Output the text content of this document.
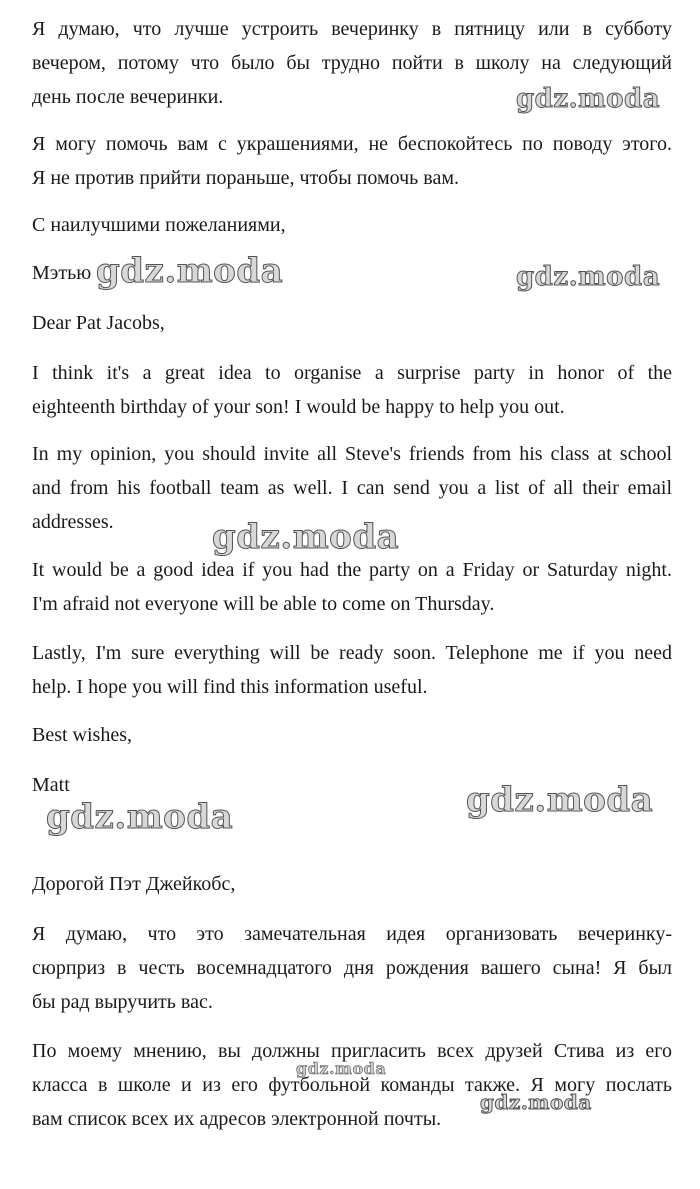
Я думаю, что лучше устроить вечеринку в пятницу или в субботу
вечером, потому что было бы трудно пойти в школу на следующий
день после вечеринки.
Я могу помочь вам с украшениями, не беспокойтесь по поводу этого.
Я не против прийти пораньше, чтобы помочь вам.
С наилучшими пожеланиями,
Мэтью
Dear Pat Jacobs,
I think it's a great idea to organise a surprise party in honor of the
eighteenth birthday of your son! I would be happy to help you out.
In my opinion, you should invite all Steve's friends from his class at school
and from his football team as well. I can send you a list of all their email
addresses.
It would be a good idea if you had the party on a Friday or Saturday night.
I'm afraid not everyone will be able to come on Thursday.
Lastly, I'm sure everything will be ready soon. Telephone me if you need
help. I hope you will find this information useful.
Best wishes,
Matt
Дорогой Пэт Джейкобс,
Я думаю, что это замечательная идея организовать вечеринку-
сюрприз в честь восемнадцатого дня рождения вашего сына! Я был
бы рад выручить вас.
По моему мнению, вы должны пригласить всех друзей Стива из его
класса в школе и из его футбольной команды также. Я могу послать
вам список всех их адресов электронной почты.
gdz.moda
gdz.moda	gdz.moda
gdz.moda
gdz.moda
gdz.moda
gdz.moda
gdz.moda
